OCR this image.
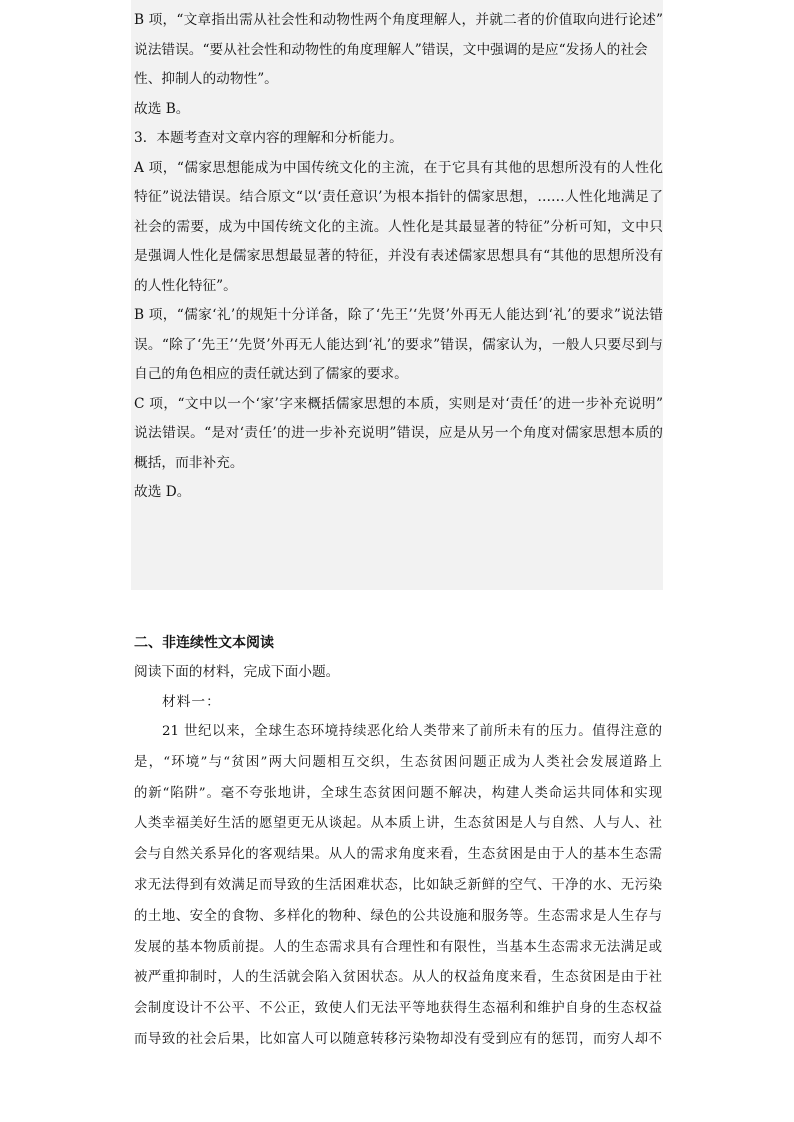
B 项，“文章指出需从社会性和动物性两个角度理解人，并就二者的价值取向进行论述”

说法错误。“要从社会性和动物性的角度理解人”错误，文中强调的是应“发扬人的社会

性、抑制人的动物性”。

故选 B。

3．本题考查对文章内容的理解和分析能力。

A 项，“儒家思想能成为中国传统文化的主流，在于它具有其他的思想所没有的人性化

特征”说法错误。结合原文“以‘责任意识’为根本指针的儒家思想，……人性化地满足了

社会的需要，成为中国传统文化的主流。人性化是其最显著的特征”分析可知，文中只

是强调人性化是儒家思想最显著的特征，并没有表述儒家思想具有“其他的思想所没有

的人性化特征”。

B 项，“儒家‘礼’的规矩十分详备，除了‘先王’‘先贤’外再无人能达到‘礼’的要求”说法错

误。“除了‘先王’‘先贤’外再无人能达到‘礼’的要求”错误，儒家认为，一般人只要尽到与

自己的角色相应的责任就达到了儒家的要求。

C 项，“文中以一个‘家’字来概括儒家思想的本质，实则是对‘责任’的进一步补充说明”

说法错误。“是对‘责任’的进一步补充说明”错误，应是从另一个角度对儒家思想本质的

概括，而非补充。

故选 D。

二、非连续性文本阅读

阅读下面的材料，完成下面小题。

材料一：

21 世纪以来，全球生态环境持续恶化给人类带来了前所未有的压力。值得注意的

是，“环境”与“贫困”两大问题相互交织，生态贫困问题正成为人类社会发展道路上

的新“陷阱”。毫不夸张地讲，全球生态贫困问题不解决，构建人类命运共同体和实现

人类幸福美好生活的愿望更无从谈起。从本质上讲，生态贫困是人与自然、人与人、社

会与自然关系异化的客观结果。从人的需求角度来看，生态贫困是由于人的基本生态需

求无法得到有效满足而导致的生活困难状态，比如缺乏新鲜的空气、干净的水、无污染

的土地、安全的食物、多样化的物种、绿色的公共设施和服务等。生态需求是人生存与

发展的基本物质前提。人的生态需求具有合理性和有限性，当基本生态需求无法满足或

被严重抑制时，人的生活就会陷入贫困状态。从人的权益角度来看，生态贫困是由于社

会制度设计不公平、不公正，致使人们无法平等地获得生态福利和维护自身的生态权益

而导致的社会后果，比如富人可以随意转移污染物却没有受到应有的惩罚，而穷人却不
